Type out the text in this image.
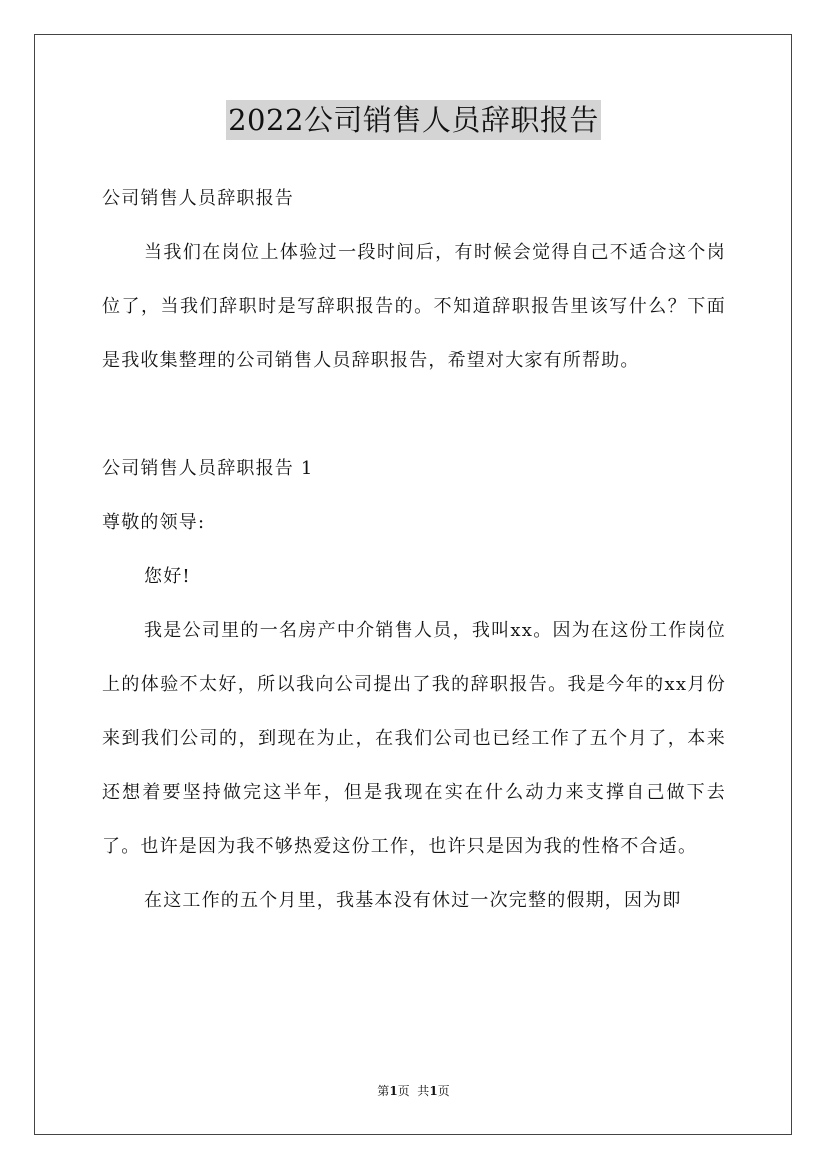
2022公司销售人员辞职报告

公司销售人员辞职报告

当我们在岗位上体验过一段时间后，有时候会觉得自己不适合这个岗位了，当我们辞职时是写辞职报告的。不知道辞职报告里该写什么？下面是我收集整理的公司销售人员辞职报告，希望对大家有所帮助。

公司销售人员辞职报告 1

尊敬的领导:

您好!

我是公司里的一名房产中介销售人员，我叫xx。因为在这份工作岗位上的体验不太好，所以我向公司提出了我的辞职报告。我是今年的xx月份来到我们公司的，到现在为止，在我们公司也已经工作了五个月了，本来还想着要坚持做完这半年，但是我现在实在什么动力来支撑自己做下去了。也许是因为我不够热爱这份工作，也许只是因为我的性格不合适。

在这工作的五个月里，我基本没有休过一次完整的假期，因为即

第1页  共1页
